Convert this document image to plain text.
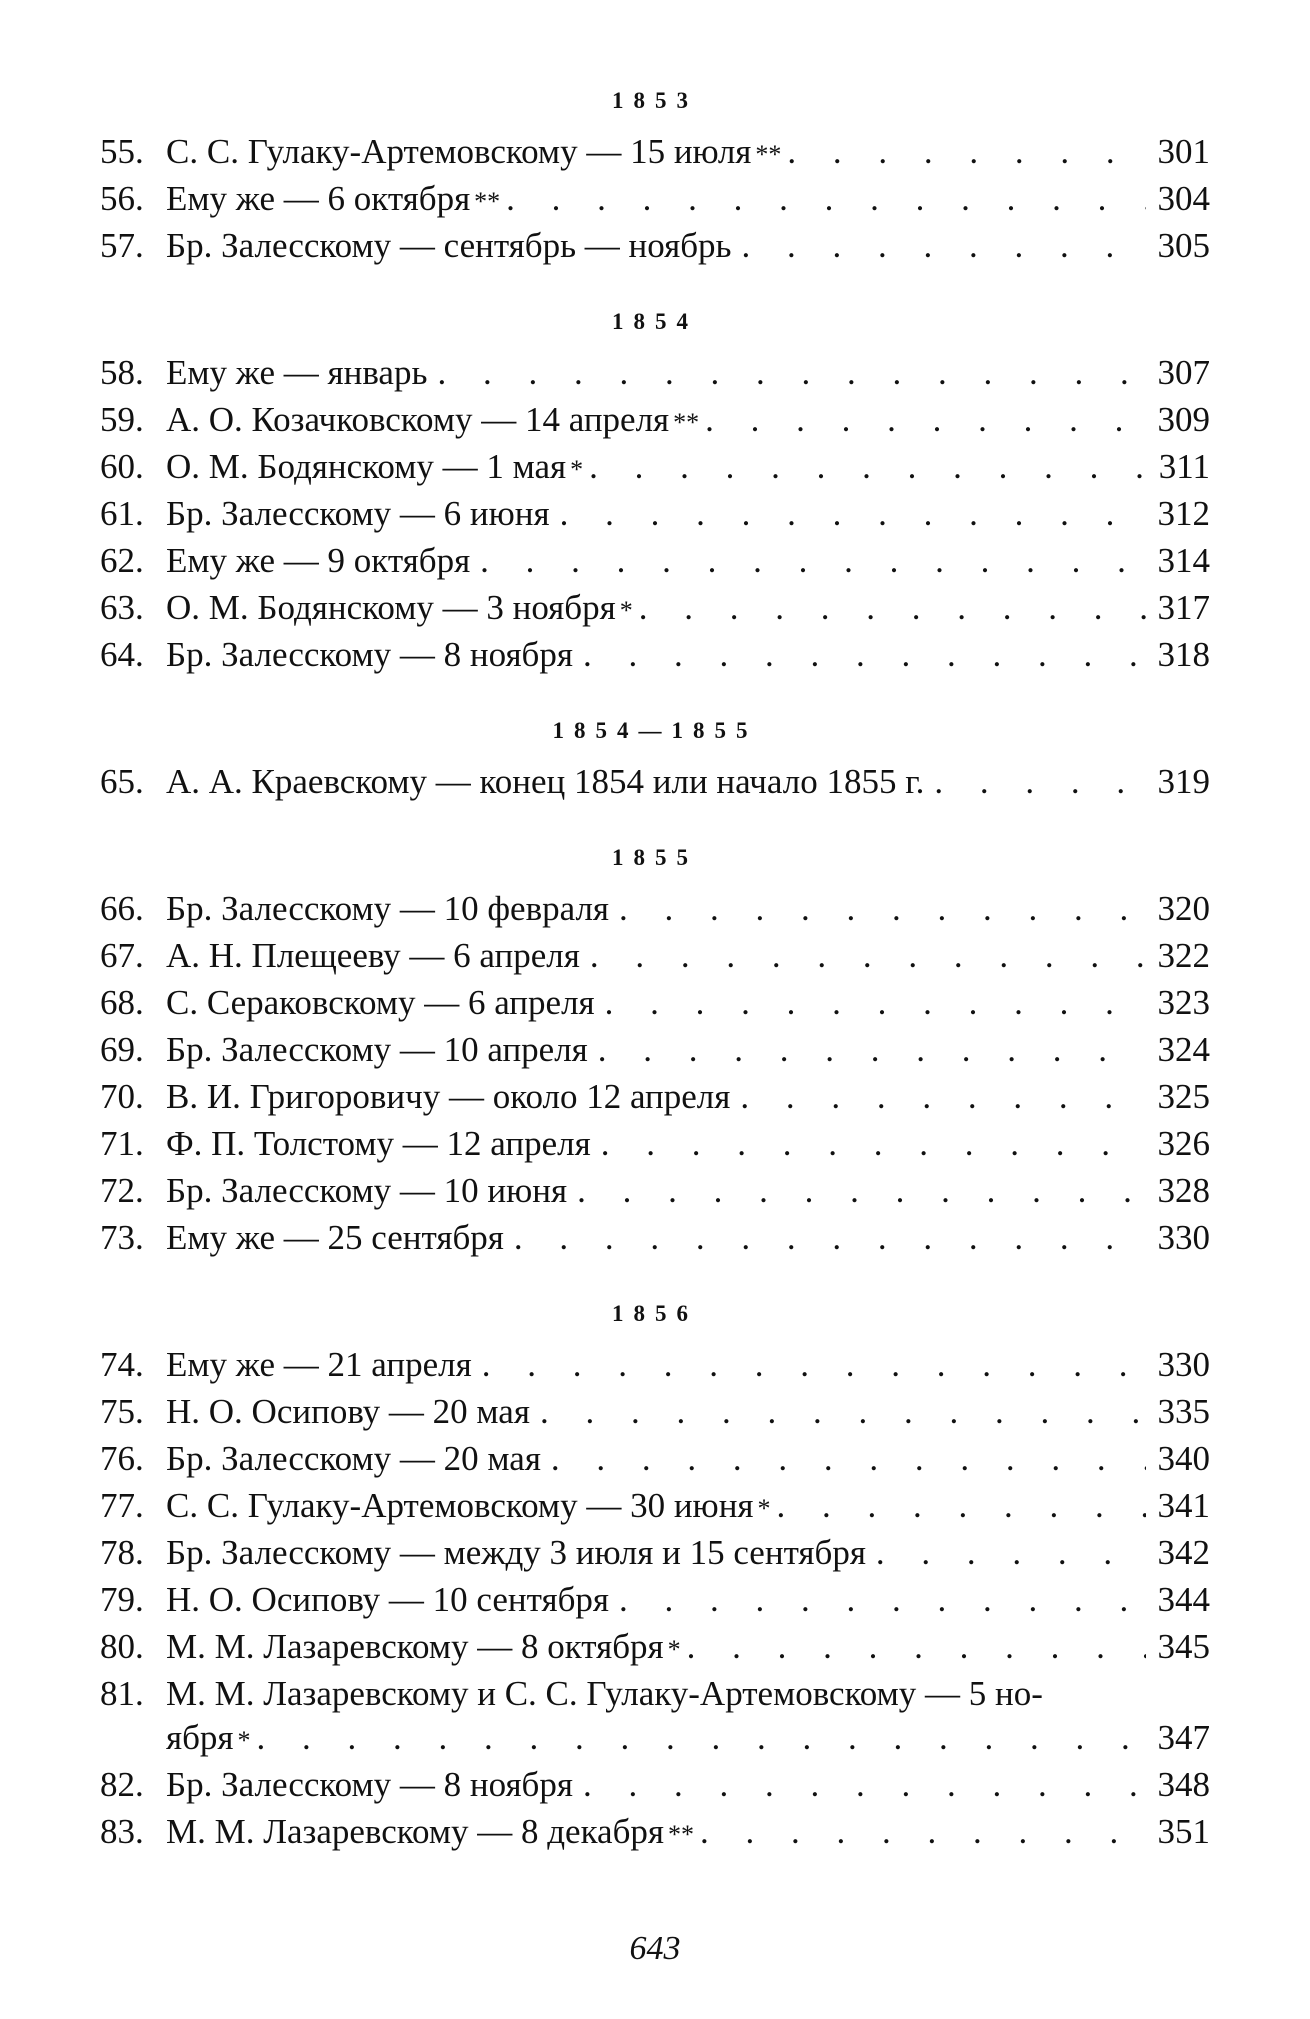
1853
55. С. С. Гулаку-Артемовскому — 15 июля ** . . .	301
56. Ему же — 6 октября ** . . .	304
57. Бр. Залесскому — сентябрь — ноябрь . . .	305
1854
58. Ему же — январь . . .	307
59. А. О. Козачковскому — 14 апреля ** . . .	309
60. О. М. Бодянскому — 1 мая * . . .	311
61. Бр. Залесскому — 6 июня . . .	312
62. Ему же — 9 октября . . .	314
63. О. М. Бодянскому — 3 ноября * . . .	317
64. Бр. Залесскому — 8 ноября . . .	318
1854—1855
65. А. А. Краевскому — конец 1854 или начало 1855 г. . . .	319
1855
66. Бр. Залесскому — 10 февраля . . .	320
67. А. Н. Плещееву — 6 апреля . . .	322
68. С. Сераковскому — 6 апреля . . .	323
69. Бр. Залесскому — 10 апреля . . .	324
70. В. И. Григоровичу — около 12 апреля . . .	325
71. Ф. П. Толстому — 12 апреля . . .	326
72. Бр. Залесскому — 10 июня . . .	328
73. Ему же — 25 сентября . . .	330
1856
74. Ему же — 21 апреля . . .	330
75. Н. О. Осипову — 20 мая . . .	335
76. Бр. Залесскому — 20 мая . . .	340
77. С. С. Гулаку-Артемовскому — 30 июня * . . .	341
78. Бр. Залесскому — между 3 июля и 15 сентября . . .	342
79. Н. О. Осипову — 10 сентября . . .	344
80. М. М. Лазаревскому — 8 октября * . . .	345
81. М. М. Лазаревскому и С. С. Гулаку-Артемовскому — 5 но-
ября * . . .	347
82. Бр. Залесскому — 8 ноября . . .	348
83. М. М. Лазаревскому — 8 декабря ** . . .	351
643
